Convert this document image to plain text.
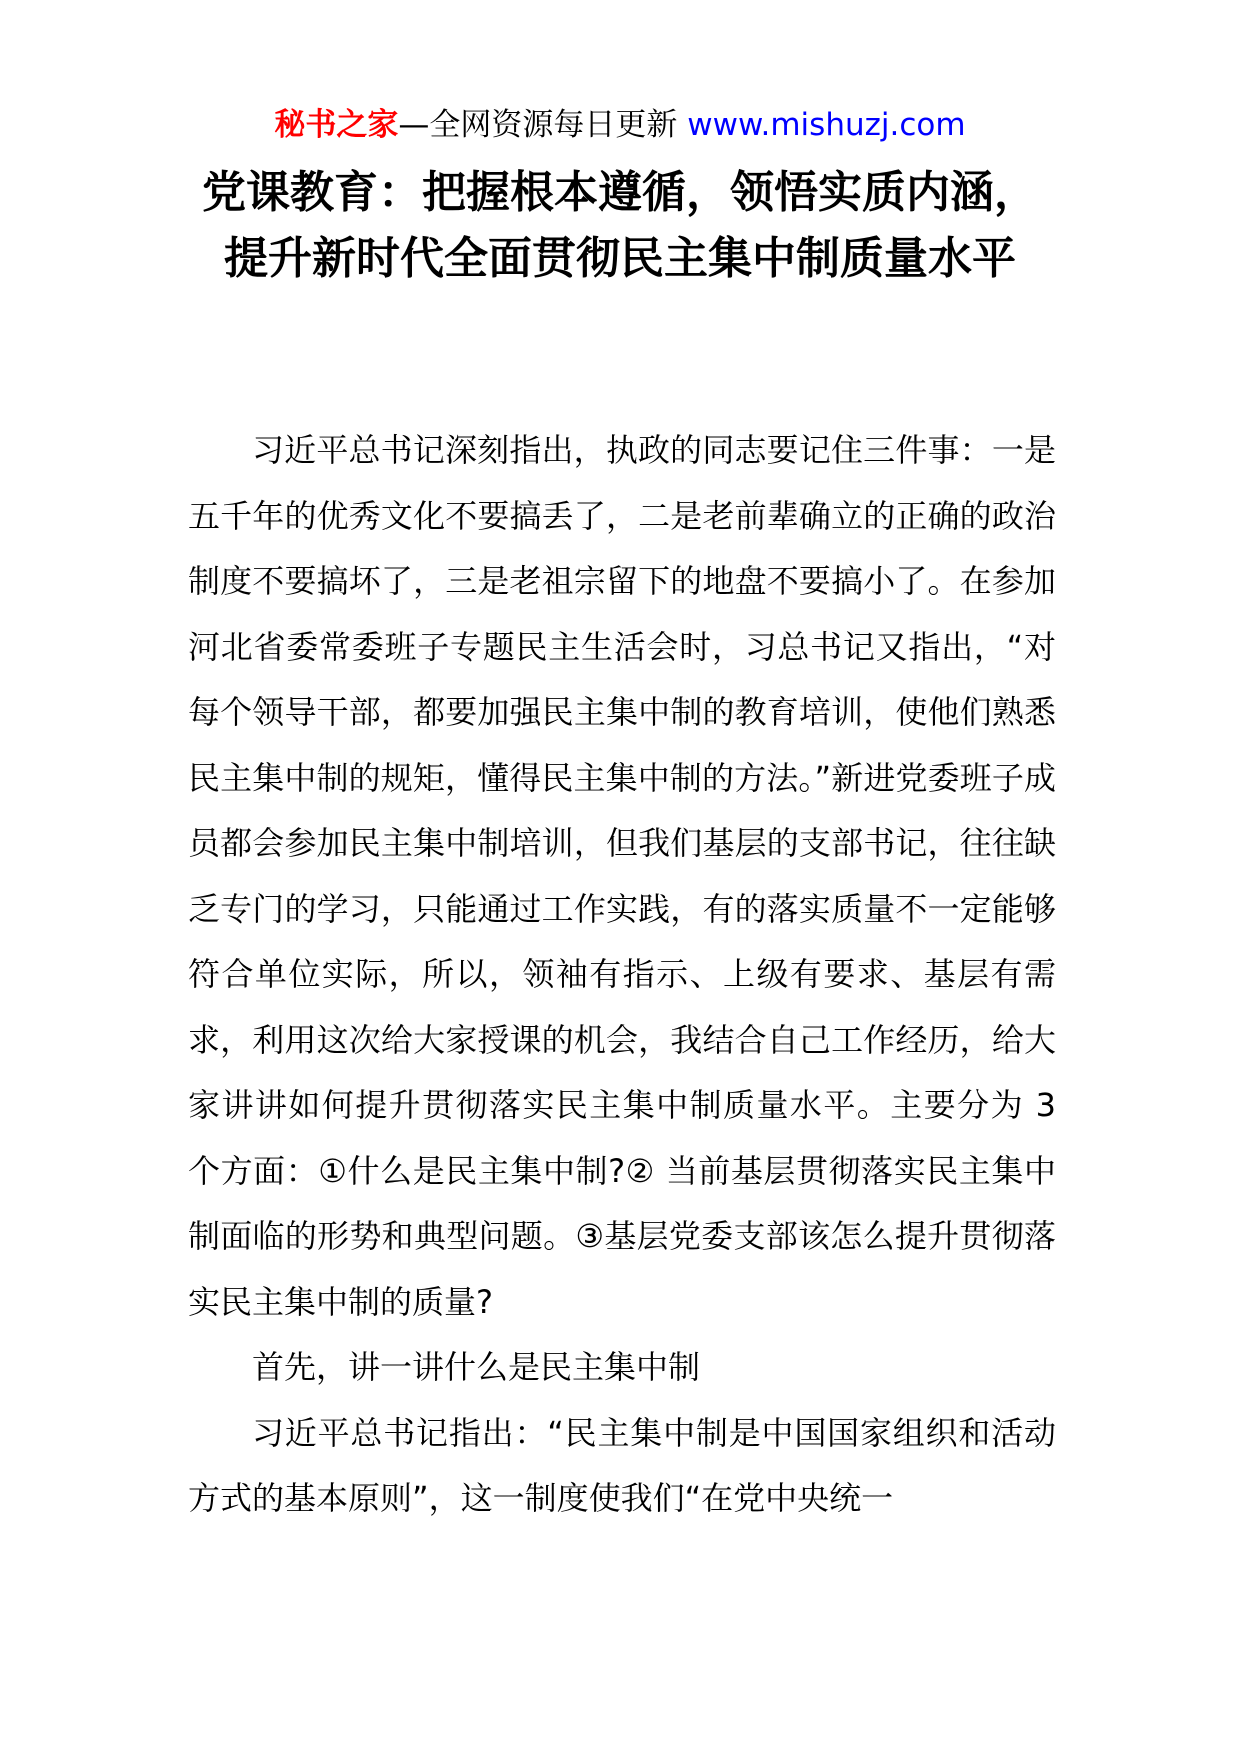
秘书之家—全网资源每日更新 www.mishuzj.com
党课教育：把握根本遵循，领悟实质内涵，提升新时代全面贯彻民主集中制质量水平

习近平总书记深刻指出，执政的同志要记住三件事：一是五千年的优秀文化不要搞丢了，二是老前辈确立的正确的政治制度不要搞坏了，三是老祖宗留下的地盘不要搞小了。在参加河北省委常委班子专题民主生活会时，习总书记又指出，“对每个领导干部，都要加强民主集中制的教育培训，使他们熟悉民主集中制的规矩，懂得民主集中制的方法。”新进党委班子成员都会参加民主集中制培训，但我们基层的支部书记，往往缺乏专门的学习，只能通过工作实践，有的落实质量不一定能够符合单位实际，所以，领袖有指示、上级有要求、基层有需求，利用这次给大家授课的机会，我结合自己工作经历，给大家讲讲如何提升贯彻落实民主集中制质量水平。主要分为 3 个方面：①什么是民主集中制?② 当前基层贯彻落实民主集中制面临的形势和典型问题。③基层党委支部该怎么提升贯彻落实民主集中制的质量?

首先，讲一讲什么是民主集中制

习近平总书记指出：“民主集中制是中国国家组织和活动方式的基本原则”，这一制度使我们“在党中央统一
